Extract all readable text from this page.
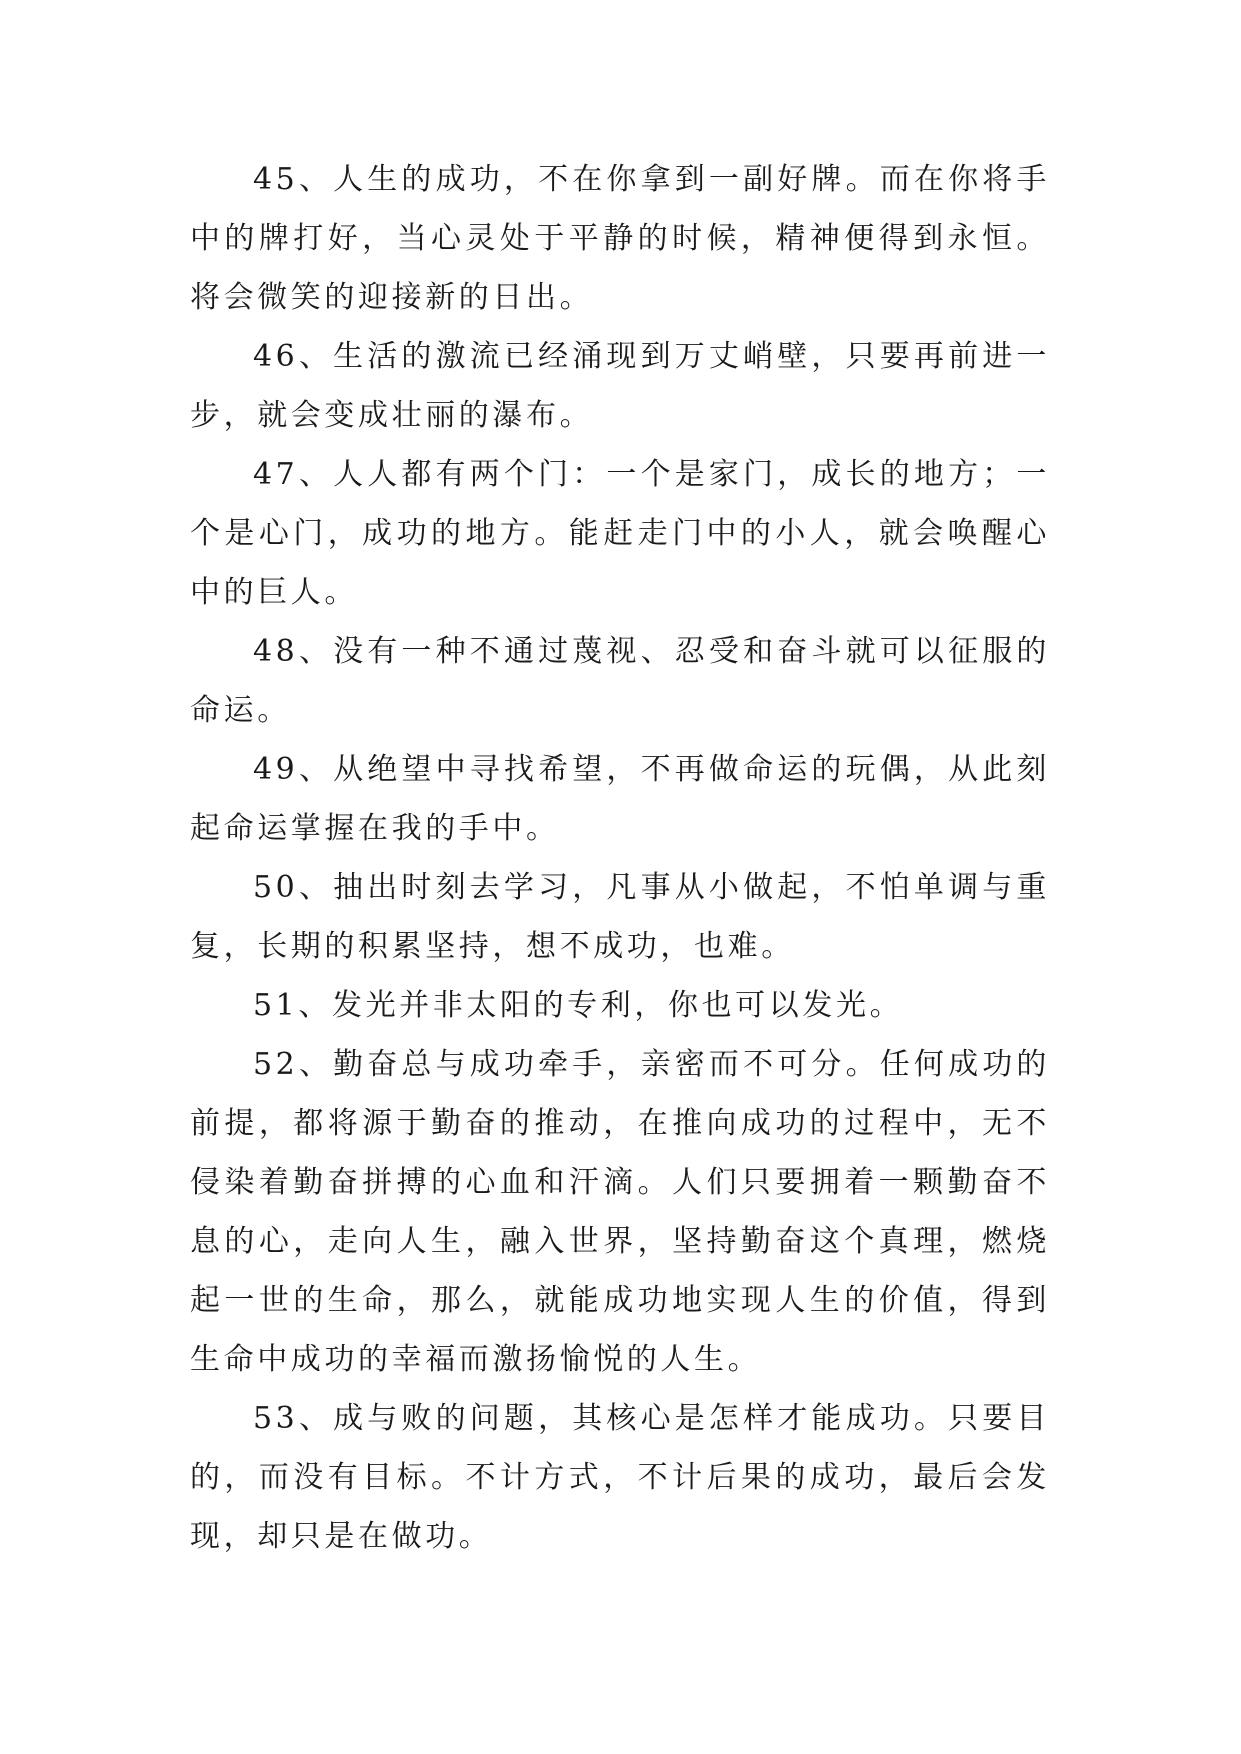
45、人生的成功，不在你拿到一副好牌。而在你将手中的牌打好，当心灵处于平静的时候，精神便得到永恒。将会微笑的迎接新的日出。

46、生活的激流已经涌现到万丈峭壁，只要再前进一步，就会变成壮丽的瀑布。

47、人人都有两个门：一个是家门，成长的地方；一个是心门，成功的地方。能赶走门中的小人，就会唤醒心中的巨人。

48、没有一种不通过蔑视、忍受和奋斗就可以征服的命运。

49、从绝望中寻找希望，不再做命运的玩偶，从此刻起命运掌握在我的手中。

50、抽出时刻去学习，凡事从小做起，不怕单调与重复，长期的积累坚持，想不成功，也难。

51、发光并非太阳的专利，你也可以发光。

52、勤奋总与成功牵手，亲密而不可分。任何成功的前提，都将源于勤奋的推动，在推向成功的过程中，无不侵染着勤奋拼搏的心血和汗滴。人们只要拥着一颗勤奋不息的心，走向人生，融入世界，坚持勤奋这个真理，燃烧起一世的生命，那么，就能成功地实现人生的价值，得到生命中成功的幸福而激扬愉悦的人生。

53、成与败的问题，其核心是怎样才能成功。只要目的，而没有目标。不计方式，不计后果的成功，最后会发现，却只是在做功。
